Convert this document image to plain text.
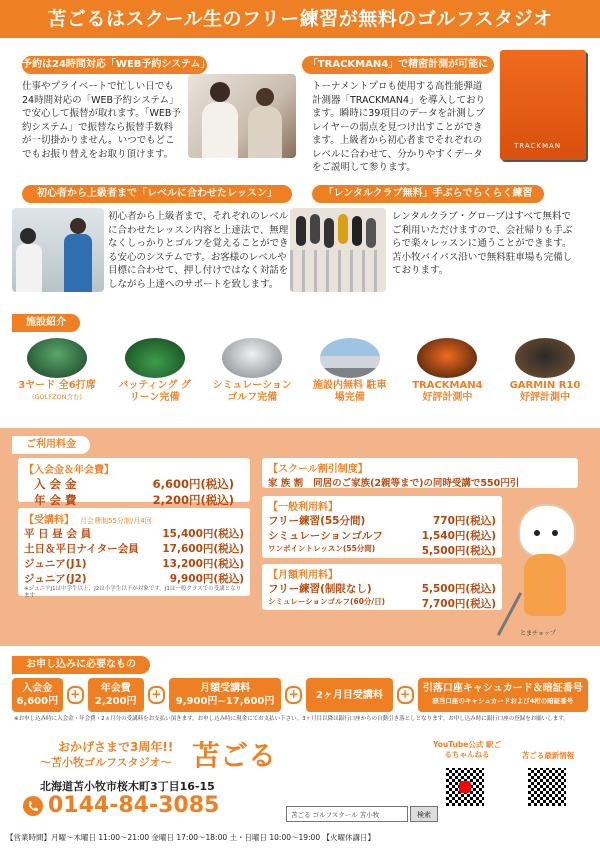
苫ごるはスクール生のフリー練習が無料のゴルフスタジオ
予約は24時間対応「WEB予約システム」
仕事やプライベートで忙しい日でも24時間対応の「WEB予約システム」で安心して振替が取れます。「WEB予約システム」で振替なら振替手数料が一切掛かりません。いつでもどこでもお振り替えをお取り頂けます。
「TRACKMAN4」で精密計測が可能に
トーナメントプロも使用する高性能弾道計測器「TRACKMAN4」を導入しております。瞬時に39項目のデータを計測しプレイヤーの弱点を見つけ出すことができます。上級者から初心者までそれぞれのレベルに合わせて、分かりやすくデータをご説明して参ります。
TRACKMAN
初心者から上級者まで「レベルに合わせたレッスン」
初心者から上級者まで、それぞれのレベルに合わせたレッスン内容と上達法で、無理なくしっかりとゴルフを覚えることができる安心のシステムです。お客様のレベルや目標に合わせて、押し付けではなく対話をしながら上達へのサポートを致します。
「レンタルクラブ無料」手ぶらでらくらく練習
レンタルクラブ・グローブはすべて無料でご利用いただけますので、会社帰りも手ぶらで楽々レッスンに通うことができます。苫小牧バイパス沿いで無料駐車場も完備しております。
施設紹介
3ヤード 全6打席
(GOLFZON含む)
バッティング グリーン完備
シミュレーション ゴルフ完備
施設内無料 駐車場完備
TRACKMAN4 好評計測中
GARMIN R10 好評計測中
ご利用料金
【入会金＆年会費】
入 会 金	6,600円(税込)
年 会 費	2,200円(税込)
【受講料】 月会費制55分制/月4回
平 日 昼 会 員	15,400円(税込)
土日＆平日ナイター会員 17,600円(税込)
ジュニア(J1)	13,200円(税込)
ジュニア(J2)	9,900円(税込)
※ジュニアJ1は中学生以上、J2は小学生以下が対象です。J1は一般クラスでの受講となります
【スクール割引制度】
家 族 割 同居のご家族(2親等まで)の同時受講で550円引
【一般利用料】
フリー練習(55分間)	770円(税込)
シミュレーションゴルフ	1,540円(税込)
ワンポイントレッスン(55分間)	5,500円(税込)
【月額利用料】
フリー練習(制限なし)	5,500円(税込)
シミュレーションゴルフ(60分/日)	7,700円(税込)
とまチョップ
お申し込みに必要なもの
入会金
6,600円
+	年会費
2,200円
+	月額受講料
9,900円~17,600円
+	2ヶ月目受講料 +	引落口座キャシュカード＆暗証番号
該当口座のキャシュカードおよび4桁の暗証番号
※お申し込み時に入会金・年会費・2ヵ月分の受講料をお支払い頂きます。お申し込み時に現金にてお支払い下さい。3ヶ月目以降は銀行口座からの自動引き落としとなります。お申し込み時に銀行口座の登録をお願いします。
おかげさまで3周年!!
〜苫小牧ゴルフスタジオ〜 苫ごる
北海道苫小牧市桜木町3丁目16-15
0144-84-3085	苫ごる ゴルフスクール 苫小牧	検索
YouTube公式 駅ごるちゃんねる	苫ごる最新情報
【営業時間】月曜〜木曜日 11:00〜21:00 金曜日 17:00〜18:00 土・日曜日 10:00〜19:00 【火曜休講日】
